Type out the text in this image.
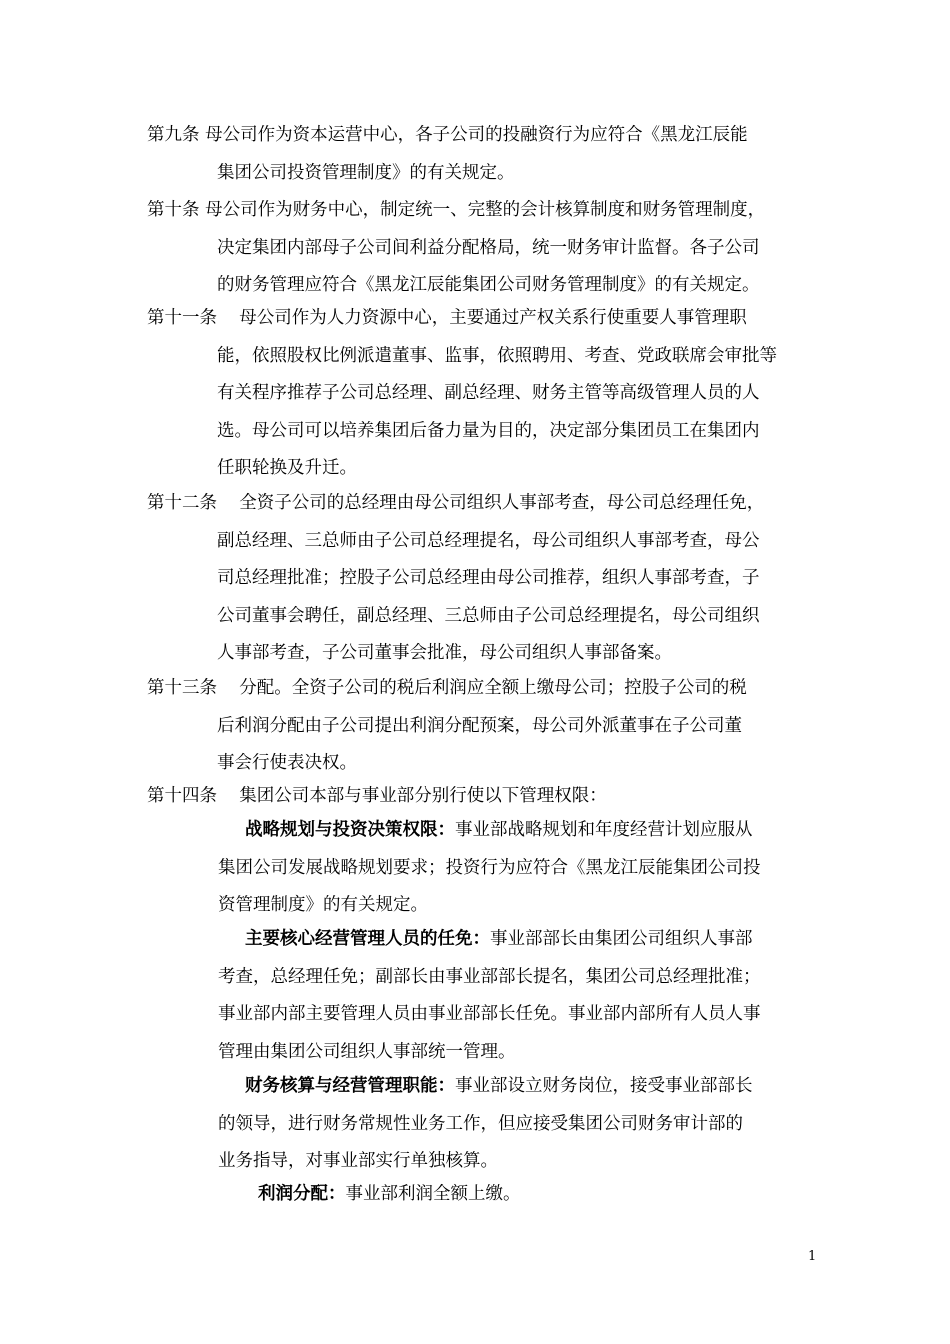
第九条 母公司作为资本运营中心，各子公司的投融资行为应符合《黑龙江辰能
集团公司投资管理制度》的有关规定。
第十条 母公司作为财务中心，制定统一、完整的会计核算制度和财务管理制度，
决定集团内部母子公司间利益分配格局，统一财务审计监督。各子公司
的财务管理应符合《黑龙江辰能集团公司财务管理制度》的有关规定。
第十一条 母公司作为人力资源中心，主要通过产权关系行使重要人事管理职
能，依照股权比例派遣董事、监事，依照聘用、考查、党政联席会审批等
有关程序推荐子公司总经理、副总经理、财务主管等高级管理人员的人
选。母公司可以培养集团后备力量为目的，决定部分集团员工在集团内
任职轮换及升迁。
第十二条 全资子公司的总经理由母公司组织人事部考查，母公司总经理任免，
副总经理、三总师由子公司总经理提名，母公司组织人事部考查，母公
司总经理批准；控股子公司总经理由母公司推荐，组织人事部考查，子
公司董事会聘任，副总经理、三总师由子公司总经理提名，母公司组织
人事部考查，子公司董事会批准，母公司组织人事部备案。
第十三条 分配。全资子公司的税后利润应全额上缴母公司；控股子公司的税
后利润分配由子公司提出利润分配预案，母公司外派董事在子公司董
事会行使表决权。
第十四条 集团公司本部与事业部分别行使以下管理权限：
战略规划与投资决策权限：事业部战略规划和年度经营计划应服从
集团公司发展战略规划要求；投资行为应符合《黑龙江辰能集团公司投
资管理制度》的有关规定。
主要核心经营管理人员的任免：事业部部长由集团公司组织人事部
考查，总经理任免；副部长由事业部部长提名，集团公司总经理批准；
事业部内部主要管理人员由事业部部长任免。事业部内部所有人员人事
管理由集团公司组织人事部统一管理。
财务核算与经营管理职能：事业部设立财务岗位，接受事业部部长
的领导，进行财务常规性业务工作，但应接受集团公司财务审计部的
业务指导，对事业部实行单独核算。
利润分配：事业部利润全额上缴。
1
